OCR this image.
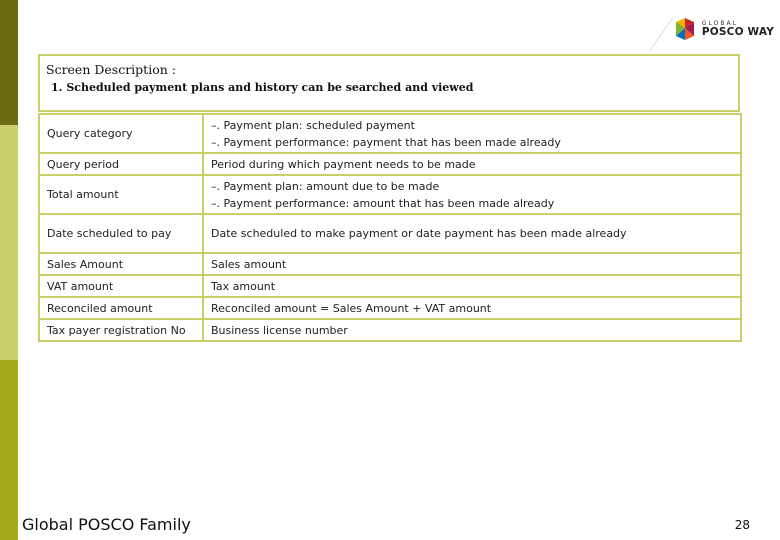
GLOBAL
POSCO WAY
Screen Description :
1. Scheduled payment plans and history can be searched and viewed
Query category	–. Payment plan: scheduled payment
–. Payment performance: payment that has been made already

Query period	Period during which payment needs to be made

Total amount	–. Payment plan: amount due to be made
–. Payment performance: amount that has been made already

Date scheduled to pay	Date scheduled to make payment or date payment has been made already

Sales Amount	Sales amount

VAT amount	Tax amount

Reconciled amount	Reconciled amount = Sales Amount + VAT amount

Tax payer registration No	Business license number
Global POSCO Family	28
